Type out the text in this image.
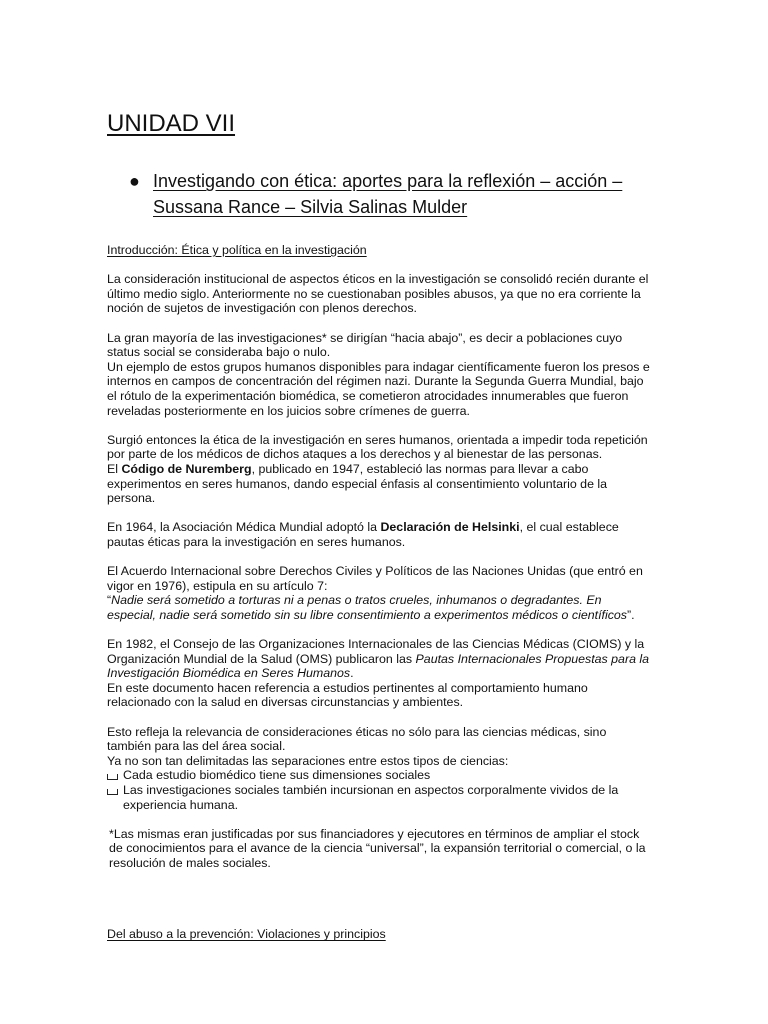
UNIDAD VII
● Investigando con ética: aportes para la reflexión – acción – Sussana Rance – Silvia Salinas Mulder

Introducción: Ética y política en la investigación

La consideración institucional de aspectos éticos en la investigación se consolidó recién durante el último medio siglo. Anteriormente no se cuestionaban posibles abusos, ya que no era corriente la noción de sujetos de investigación con plenos derechos.

La gran mayoría de las investigaciones* se dirigían “hacia abajo”, es decir a poblaciones cuyo status social se consideraba bajo o nulo.

Un ejemplo de estos grupos humanos disponibles para indagar científicamente fueron los presos e internos en campos de concentración del régimen nazi. Durante la Segunda Guerra Mundial, bajo el rótulo de la experimentación biomédica, se cometieron atrocidades innumerables que fueron reveladas posteriormente en los juicios sobre crímenes de guerra.

Surgió entonces la ética de la investigación en seres humanos, orientada a impedir toda repetición por parte de los médicos de dichos ataques a los derechos y al bienestar de las personas.

El Código de Nuremberg, publicado en 1947, estableció las normas para llevar a cabo experimentos en seres humanos, dando especial énfasis al consentimiento voluntario de la persona.

En 1964, la Asociación Médica Mundial adoptó la Declaración de Helsinki, el cual establece pautas éticas para la investigación en seres humanos.

El Acuerdo Internacional sobre Derechos Civiles y Políticos de las Naciones Unidas (que entró en vigor en 1976), estipula en su artículo 7:

“Nadie será sometido a torturas ni a penas o tratos crueles, inhumanos o degradantes. En especial, nadie será sometido sin su libre consentimiento a experimentos médicos o científicos”.

En 1982, el Consejo de las Organizaciones Internacionales de las Ciencias Médicas (CIOMS) y la Organización Mundial de la Salud (OMS) publicaron las Pautas Internacionales Propuestas para la Investigación Biomédica en Seres Humanos.

En este documento hacen referencia a estudios pertinentes al comportamiento humano relacionado con la salud en diversas circunstancias y ambientes.

Esto refleja la relevancia de consideraciones éticas no sólo para las ciencias médicas, sino también para las del área social.

Ya no son tan delimitadas las separaciones entre estos tipos de ciencias:

Cada estudio biomédico tiene sus dimensiones sociales
Las investigaciones sociales también incursionan en aspectos corporalmente vividos de la experiencia humana.

*Las mismas eran justificadas por sus financiadores y ejecutores en términos de ampliar el stock de conocimientos para el avance de la ciencia “universal”, la expansión territorial o comercial, o la resolución de males sociales.

Del abuso a la prevención: Violaciones y principios
